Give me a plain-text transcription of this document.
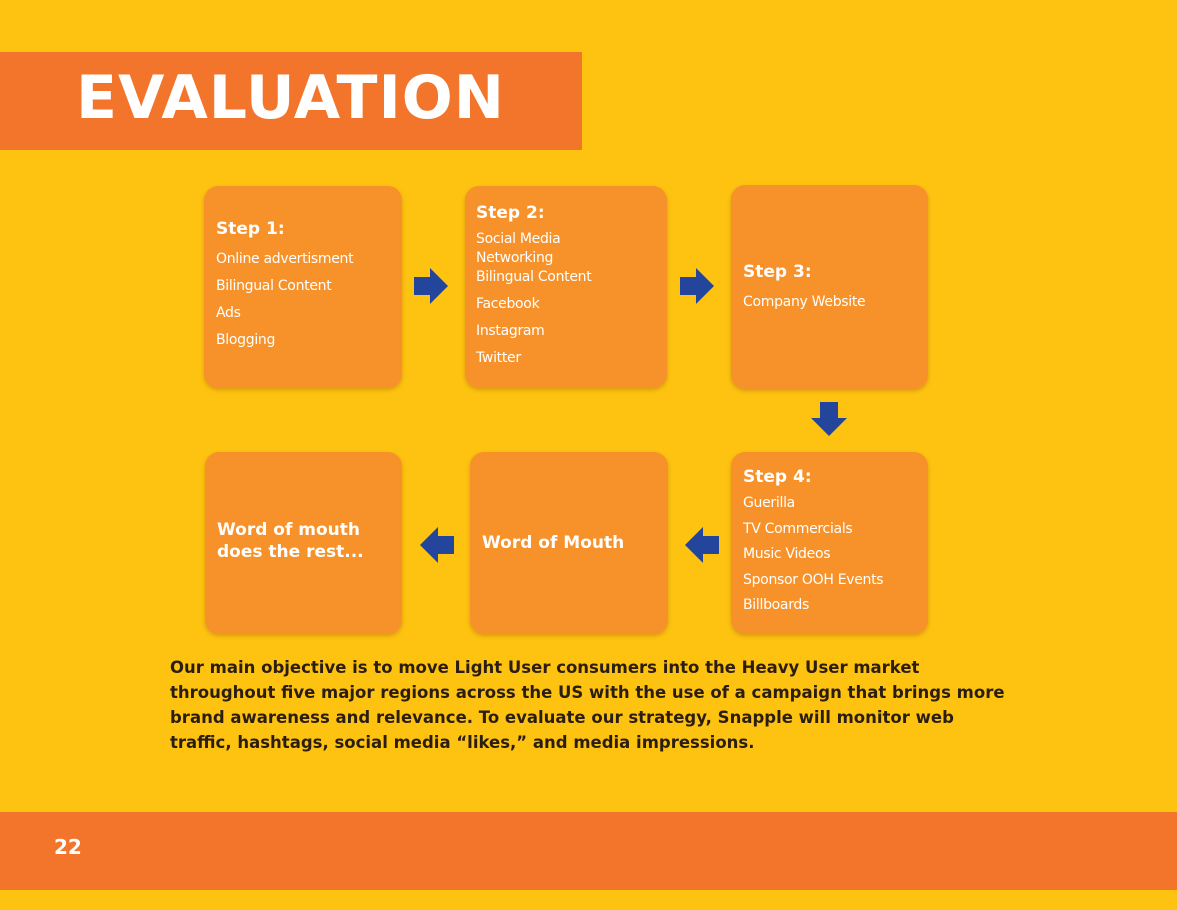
EVALUATION
Step 1:
Online advertisment
Bilingual Content
Ads
Blogging
Step 2:
Social Media
Networking
Bilingual Content
Facebook
Instagram
Twitter
Step 3:
Company Website
Step 4:
Guerilla
TV Commercials
Music Videos
Sponsor OOH Events
Billboards
Word of Mouth
Word of mouth
does the rest...
Our main objective is to move Light User consumers into the Heavy User market throughout five major regions across the US with the use of a campaign that brings more brand awareness and relevance. To evaluate our strategy, Snapple will monitor web traffic, hashtags, social media “likes,” and media impressions.
22
